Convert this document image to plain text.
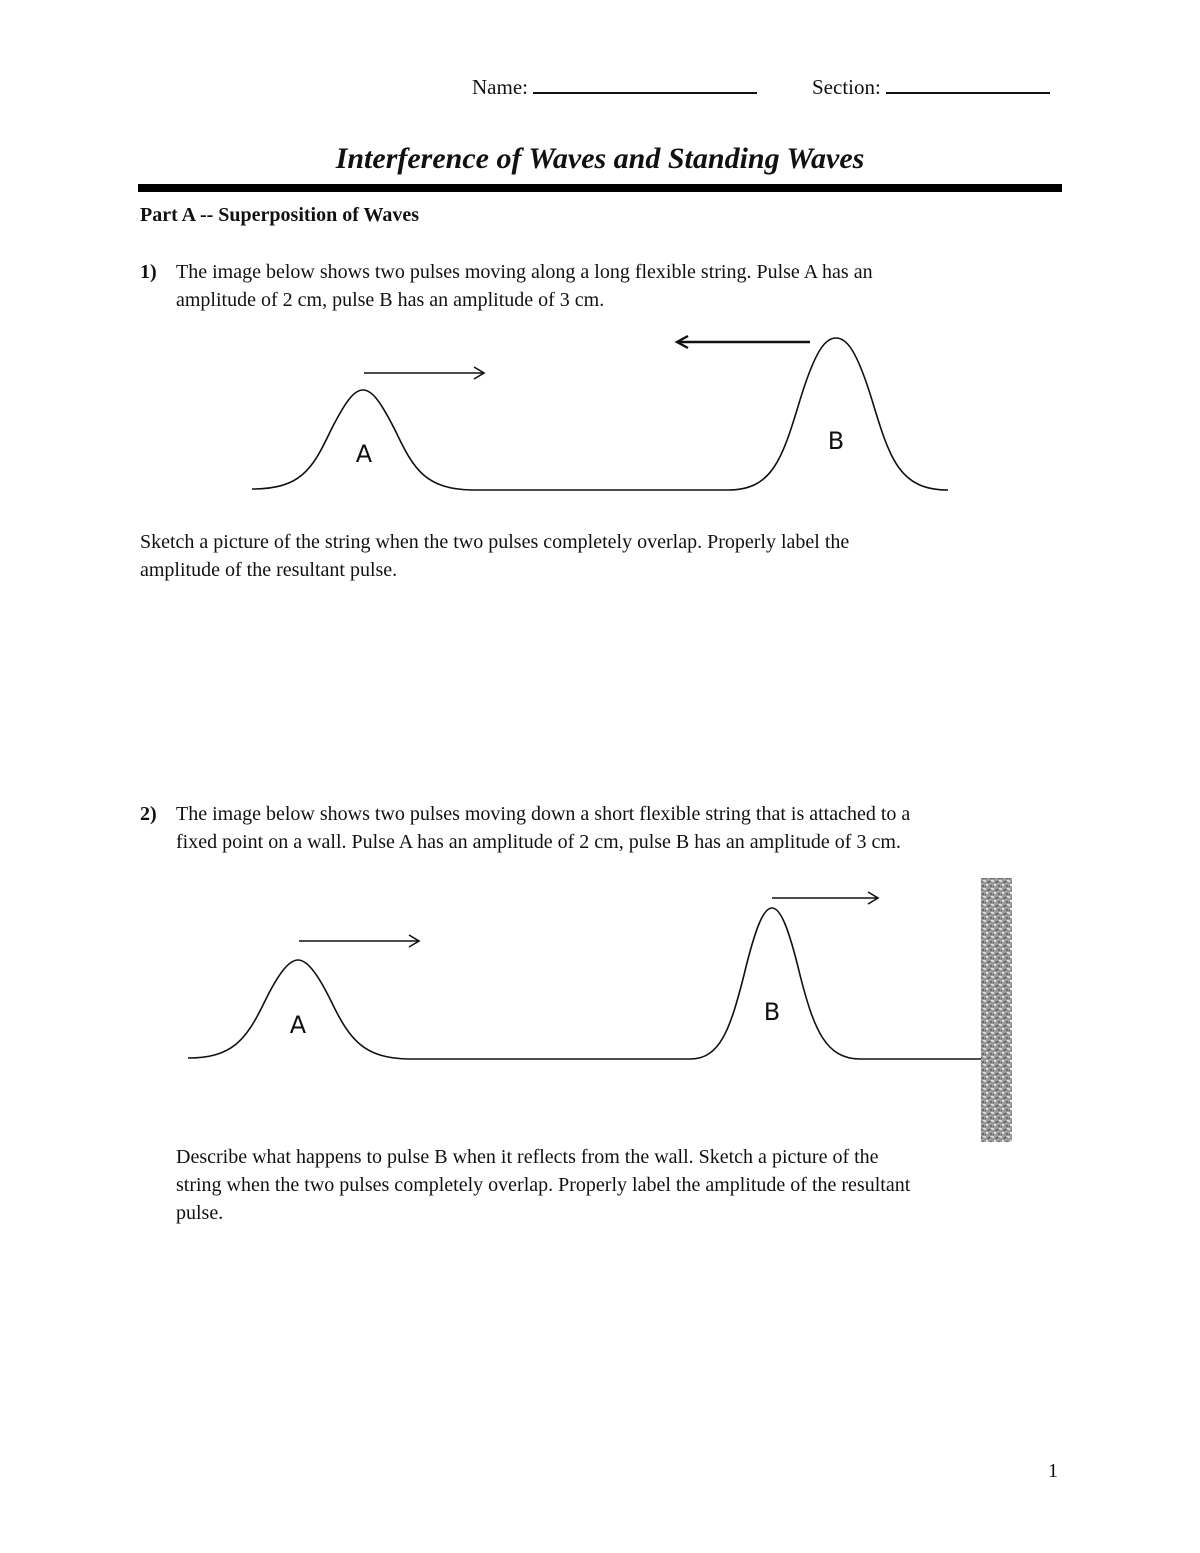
Name:	Section:
Interference of Waves and Standing Waves
Part A -- Superposition of Waves
1) The image below shows two pulses moving along a long flexible string. Pulse A has an
amplitude of 2 cm, pulse B has an amplitude of 3 cm.
A	B
A	B
Sketch a picture of the string when the two pulses completely overlap. Properly label the
amplitude of the resultant pulse.
2) The image below shows two pulses moving down a short flexible string that is attached to a
fixed point on a wall. Pulse A has an amplitude of 2 cm, pulse B has an amplitude of 3 cm.
Describe what happens to pulse B when it reflects from the wall. Sketch a picture of the
string when the two pulses completely overlap. Properly label the amplitude of the resultant
pulse.
1
